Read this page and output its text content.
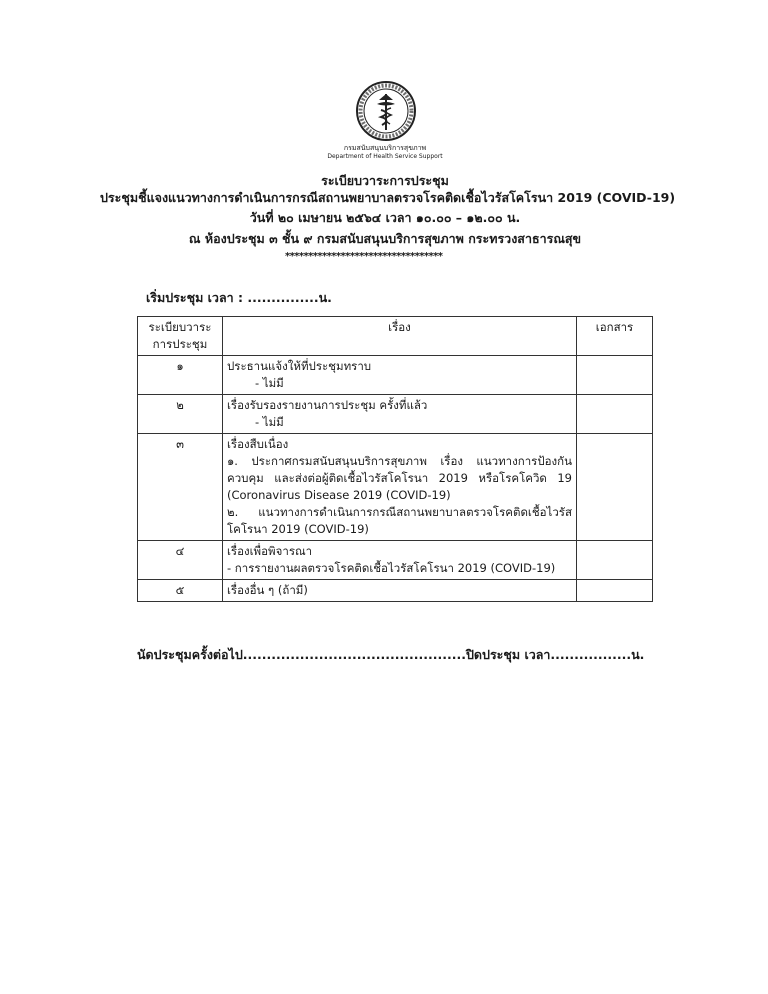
กรมสนับสนุนบริการสุขภาพ
Department of Health Service Support
ระเบียบวาระการประชุม
ประชุมชี้แจงแนวทางการดำเนินการกรณีสถานพยาบาลตรวจโรคติดเชื้อไวรัสโคโรนา 2019 (COVID-19)
วันที่ ๒๐ เมษายน ๒๕๖๔ เวลา ๑๐.๐๐ – ๑๒.๐๐ น.
ณ ห้องประชุม ๓ ชั้น ๙ กรมสนับสนุนบริการสุขภาพ กระทรวงสาธารณสุข
**********************************
เริ่มประชุม เวลา : ...............น.
ระเบียบวาระการประชุม	เรื่อง	เอกสาร
๑	ประธานแจ้งให้ที่ประชุมทราบ
- ไม่มี	

๒	เรื่องรับรองรายงานการประชุม ครั้งที่แล้ว
- ไม่มี	

๓	เรื่องสืบเนื่อง
๑. ประกาศกรมสนับสนุนบริการสุขภาพ เรื่อง แนวทางการป้องกัน ควบคุม และส่งต่อผู้ติดเชื้อไวรัสโคโรนา 2019 หรือโรคโควิด 19 (Coronavirus Disease 2019 (COVID-19)
๒. แนวทางการดำเนินการกรณีสถานพยาบาลตรวจโรคติดเชื้อไวรัสโคโรนา 2019 (COVID-19)	

๔	เรื่องเพื่อพิจารณา
- การรายงานผลตรวจโรคติดเชื้อไวรัสโคโรนา 2019 (COVID-19)	

๕	เรื่องอื่น ๆ (ถ้ามี)	

นัดประชุมครั้งต่อไป...............................................ปิดประชุม เวลา.................น.
